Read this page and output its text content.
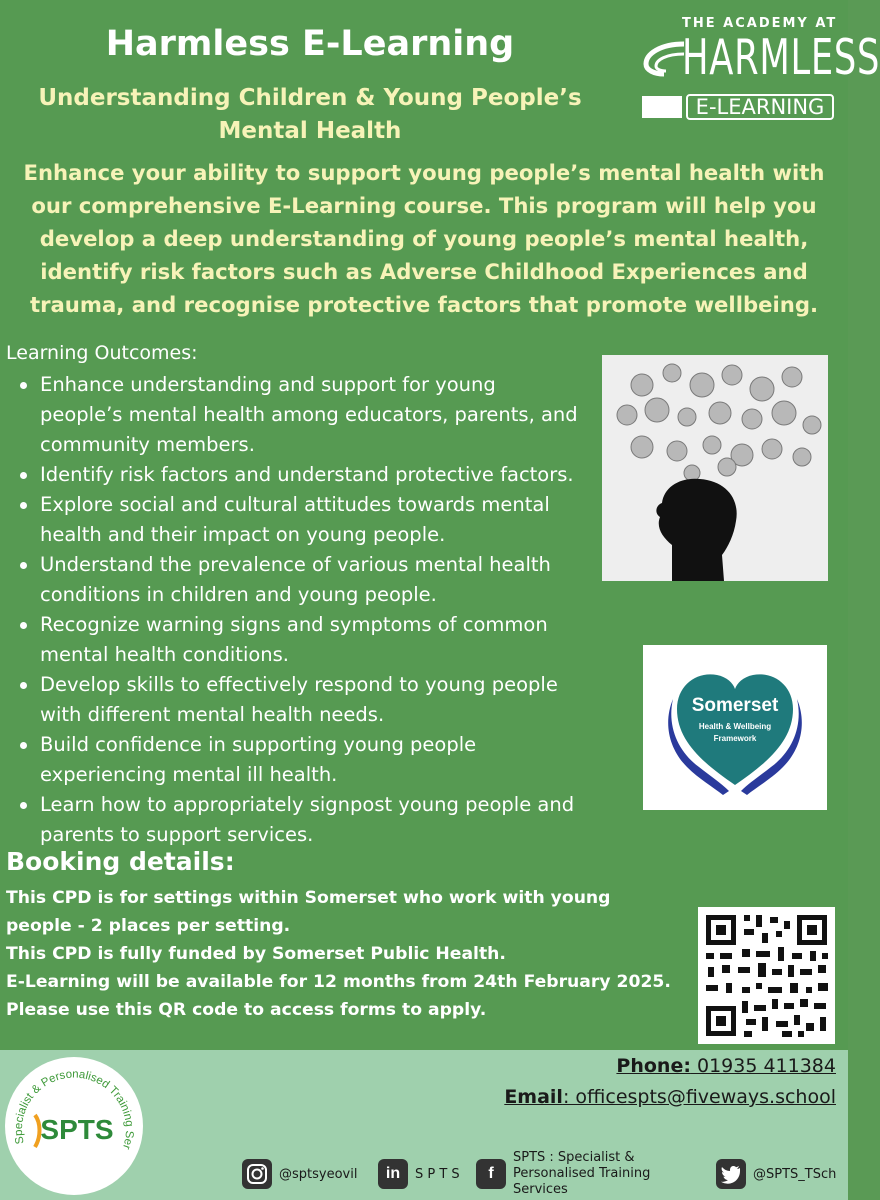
Harmless E-Learning
Understanding Children & Young People’s Mental Health
THE ACADEMY AT
HARMLESS
E-LEARNING
Enhance your ability to support young people’s mental health with our comprehensive E-Learning course. This program will help you develop a deep understanding of young people’s mental health, identify risk factors such as Adverse Childhood Experiences and trauma, and recognise protective factors that promote wellbeing.
Learning Outcomes:
Enhance understanding and support for young people’s mental health among educators, parents, and community members.
Identify risk factors and understand protective factors.
Explore social and cultural attitudes towards mental health and their impact on young people.
Understand the prevalence of various mental health conditions in children and young people.
Recognize warning signs and symptoms of common mental health conditions.
Develop skills to effectively respond to young people with different mental health needs.
Build confidence in supporting young people experiencing mental ill health.
Learn how to appropriately signpost young people and parents to support services.
Somerset
Health & Wellbeing
Framework
Booking details:

This CPD is for settings within Somerset who work with young people - 2 places per setting.

This CPD is fully funded by Somerset Public Health.

E-Learning will be available for 12 months from 24th February 2025.

Please use this QR code to access forms to apply.

Phone: 01935 411384
Email: officespts@fiveways.school
Specialist & Personalised Training Ser
SPTS
@sptsyeovil	in	S P T S	f
SPTS : Specialist & Personalised Training Services
@SPTS_TSch
